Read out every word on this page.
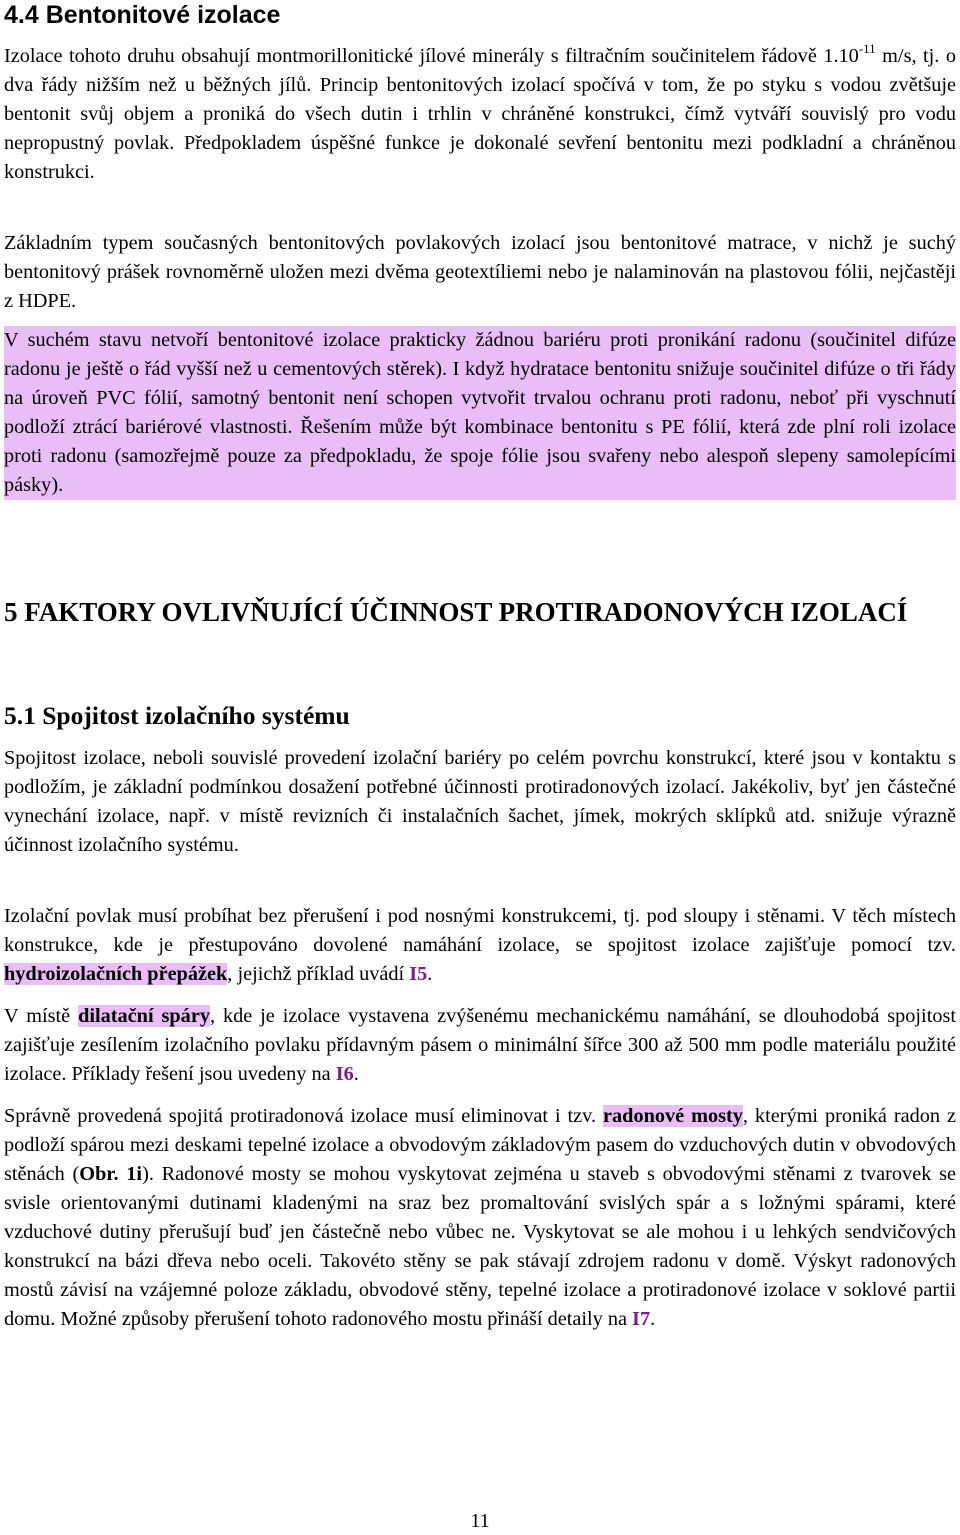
4.4 Bentonitové izolace

Izolace tohoto druhu obsahují montmorillonitické jílové minerály s filtračním součinitelem řádově $1.10^{-11}$ m/s, tj. o dva řády nižším než u běžných jílů. Princip bentonitových izolací spočívá v tom, že po styku s vodou zvětšuje bentonit svůj objem a proniká do všech dutin i trhlin v chráněné konstrukci, čímž vytváří souvislý pro vodu nepropustný povlak. Předpokladem úspěšné funkce je dokonalé sevření bentonitu mezi podkladní a chráněnou konstrukci.

Základním typem současných bentonitových povlakových izolací jsou bentonitové matrace, v nichž je suchý bentonitový prášek rovnoměrně uložen mezi dvěma geotextíliemi nebo je nalaminován na plastovou fólii, nejčastěji z HDPE.

V suchém stavu netvoří bentonitové izolace prakticky žádnou bariéru proti pronikání radonu (součinitel difúze radonu je ještě o řád vyšší než u cementových stěrek). I když hydratace bentonitu snižuje součinitel difúze o tři řády na úroveň PVC fólií, samotný bentonit není schopen vytvořit trvalou ochranu proti radonu, neboť při vyschnutí podloží ztrácí bariérové vlastnosti. Řešením může být kombinace bentonitu s PE fólií, která zde plní roli izolace proti radonu (samozřejmě pouze za předpokladu, že spoje fólie jsou svařeny nebo alespoň slepeny samolepícími pásky).

5 FAKTORY OVLIVŇUJÍCÍ ÚČINNOST PROTIRADONOVÝCH IZOLACÍ
5.1 Spojitost izolačního systému

Spojitost izolace, neboli souvislé provedení izolační bariéry po celém povrchu konstrukcí, které jsou v kontaktu s podložím, je základní podmínkou dosažení potřebné účinnosti protiradonových izolací. Jakékoliv, byť jen částečné vynechání izolace, např. v místě revizních či instalačních šachet, jímek, mokrých sklípků atd. snižuje výrazně účinnost izolačního systému.

Izolační povlak musí probíhat bez přerušení i pod nosnými konstrukcemi, tj. pod sloupy i stěnami. V těch místech konstrukce, kde je přestupováno dovolené namáhání izolace, se spojitost izolace zajišťuje pomocí tzv. hydroizolačních přepážek, jejichž příklad uvádí I5.

V místě dilatační spáry, kde je izolace vystavena zvýšenému mechanickému namáhání, se dlouhodobá spojitost zajišťuje zesílením izolačního povlaku přídavným pásem o minimální šířce 300 až 500 mm podle materiálu použité izolace. Příklady řešení jsou uvedeny na I6.

Správně provedená spojitá protiradonová izolace musí eliminovat i tzv. radonové mosty, kterými proniká radon z podloží spárou mezi deskami tepelné izolace a obvodovým základovým pasem do vzduchových dutin v obvodových stěnách (Obr. 1i). Radonové mosty se mohou vyskytovat zejména u staveb s obvodovými stěnami z tvarovek se svisle orientovanými dutinami kladenými na sraz bez promaltování svislých spár a s ložnými spárami, které vzduchové dutiny přerušují buď jen částečně nebo vůbec ne. Vyskytovat se ale mohou i u lehkých sendvičových konstrukcí na bázi dřeva nebo oceli. Takovéto stěny se pak stávají zdrojem radonu v domě. Výskyt radonových mostů závisí na vzájemné poloze základu, obvodové stěny, tepelné izolace a protiradonové izolace v soklové partii domu. Možné způsoby přerušení tohoto radonového mostu přináší detaily na I7.

11
